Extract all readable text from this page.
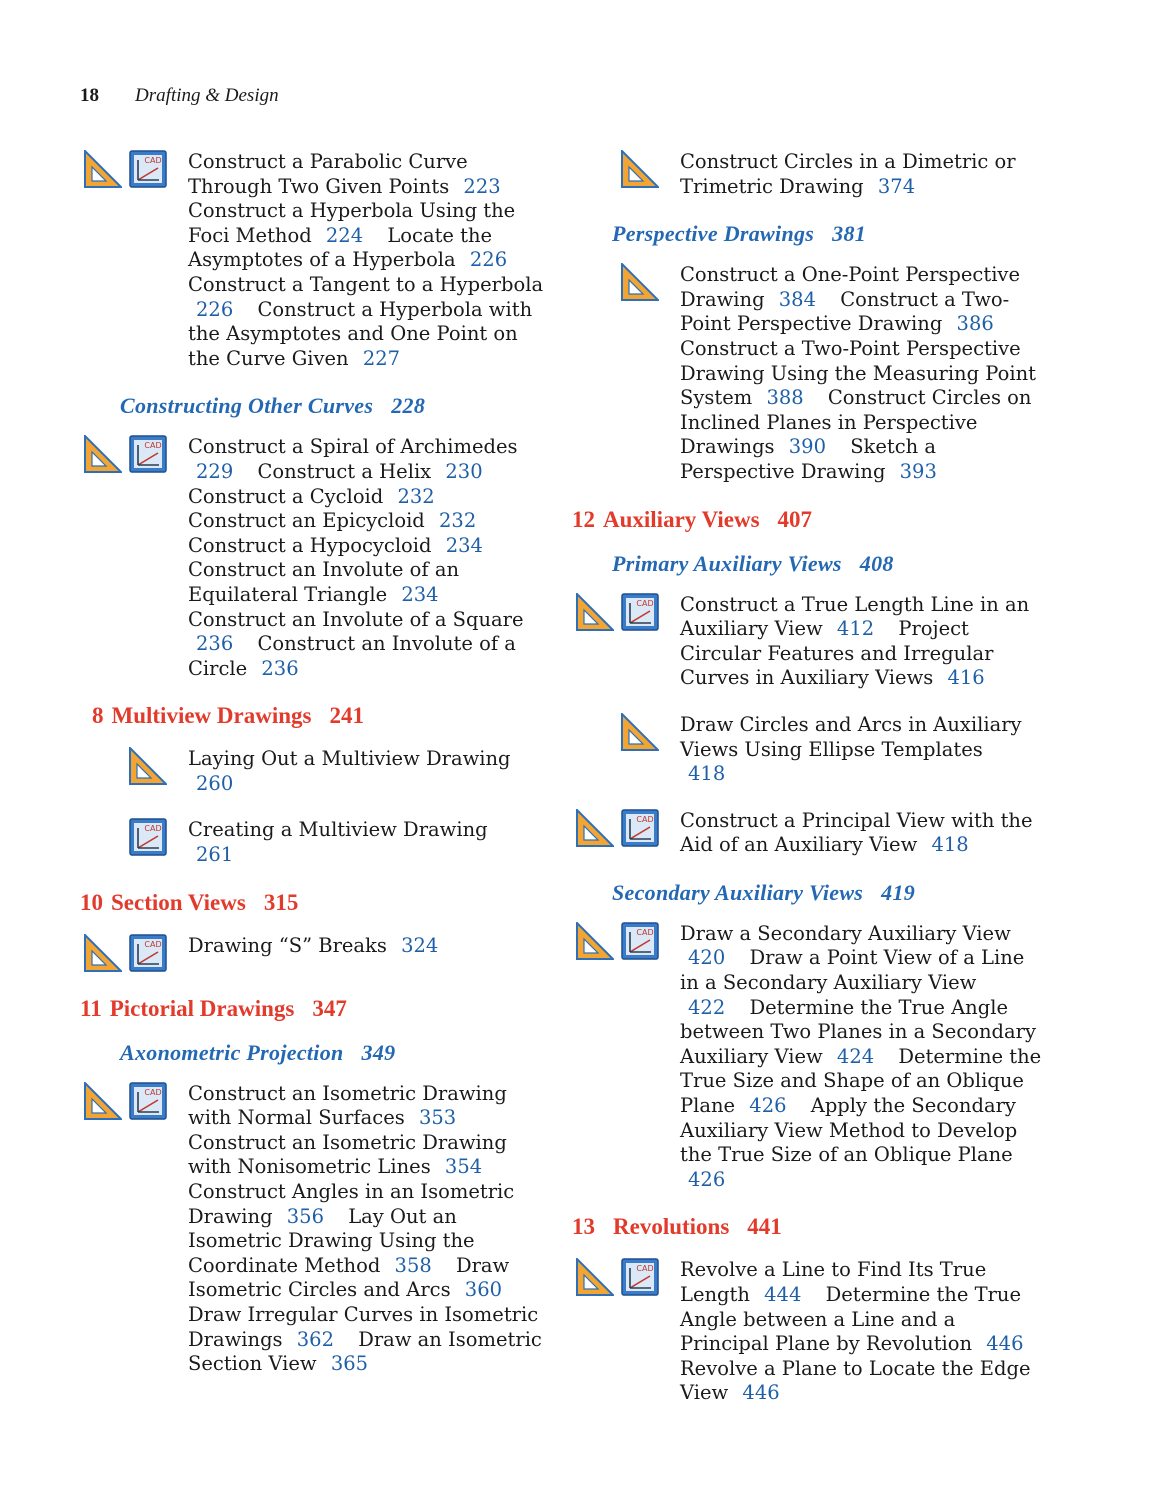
18 Drafting & Design
Construct a Parabolic Curve Through Two Given Points 223 Construct a Hyperbola Using the Foci Method 224 Locate the Asymptotes of a Hyperbola 226 Construct a Tangent to a Hyperbola 226 Construct a Hyperbola with the Asymptotes and One Point on the Curve Given 227
Constructing Other Curves 228
Construct a Spiral of Archimedes 229 Construct a Helix 230 Construct a Cycloid 232 Construct an Epicycloid 232 Construct a Hypocycloid 234 Construct an Involute of an Equilateral Triangle 234 Construct an Involute of a Square 236 Construct an Involute of a Circle 236
8 Multiview Drawings 241
Laying Out a Multiview Drawing 260
Creating a Multiview Drawing 261
10 Section Views 315
Drawing “S” Breaks 324
11 Pictorial Drawings 347
Axonometric Projection 349
Construct an Isometric Drawing with Normal Surfaces 353 Construct an Isometric Drawing with Nonisometric Lines 354 Construct Angles in an Isometric Drawing 356 Lay Out an Isometric Drawing Using the Coordinate Method 358 Draw Isometric Circles and Arcs 360 Draw Irregular Curves in Isometric Drawings 362 Draw an Isometric Section View 365
Construct Circles in a Dimetric or Trimetric Drawing 374
Perspective Drawings 381
Construct a One-Point Perspective Drawing 384 Construct a Two-Point Perspective Drawing 386 Construct a Two-Point Perspective Drawing Using the Measuring Point System 388 Construct Circles on Inclined Planes in Perspective Drawings 390 Sketch a Perspective Drawing 393
12 Auxiliary Views 407
Primary Auxiliary Views 408
Construct a True Length Line in an Auxiliary View 412 Project Circular Features and Irregular Curves in Auxiliary Views 416
Draw Circles and Arcs in Auxiliary Views Using Ellipse Templates 418
Construct a Principal View with the Aid of an Auxiliary View 418
Secondary Auxiliary Views 419
Draw a Secondary Auxiliary View 420 Draw a Point View of a Line in a Secondary Auxiliary View 422 Determine the True Angle between Two Planes in a Secondary Auxiliary View 424 Determine the True Size and Shape of an Oblique Plane 426 Apply the Secondary Auxiliary View Method to Develop the True Size of an Oblique Plane 426
13 Revolutions 441
Revolve a Line to Find Its True Length 444 Determine the True Angle between a Line and a Principal Plane by Revolution 446 Revolve a Plane to Locate the Edge View 446
